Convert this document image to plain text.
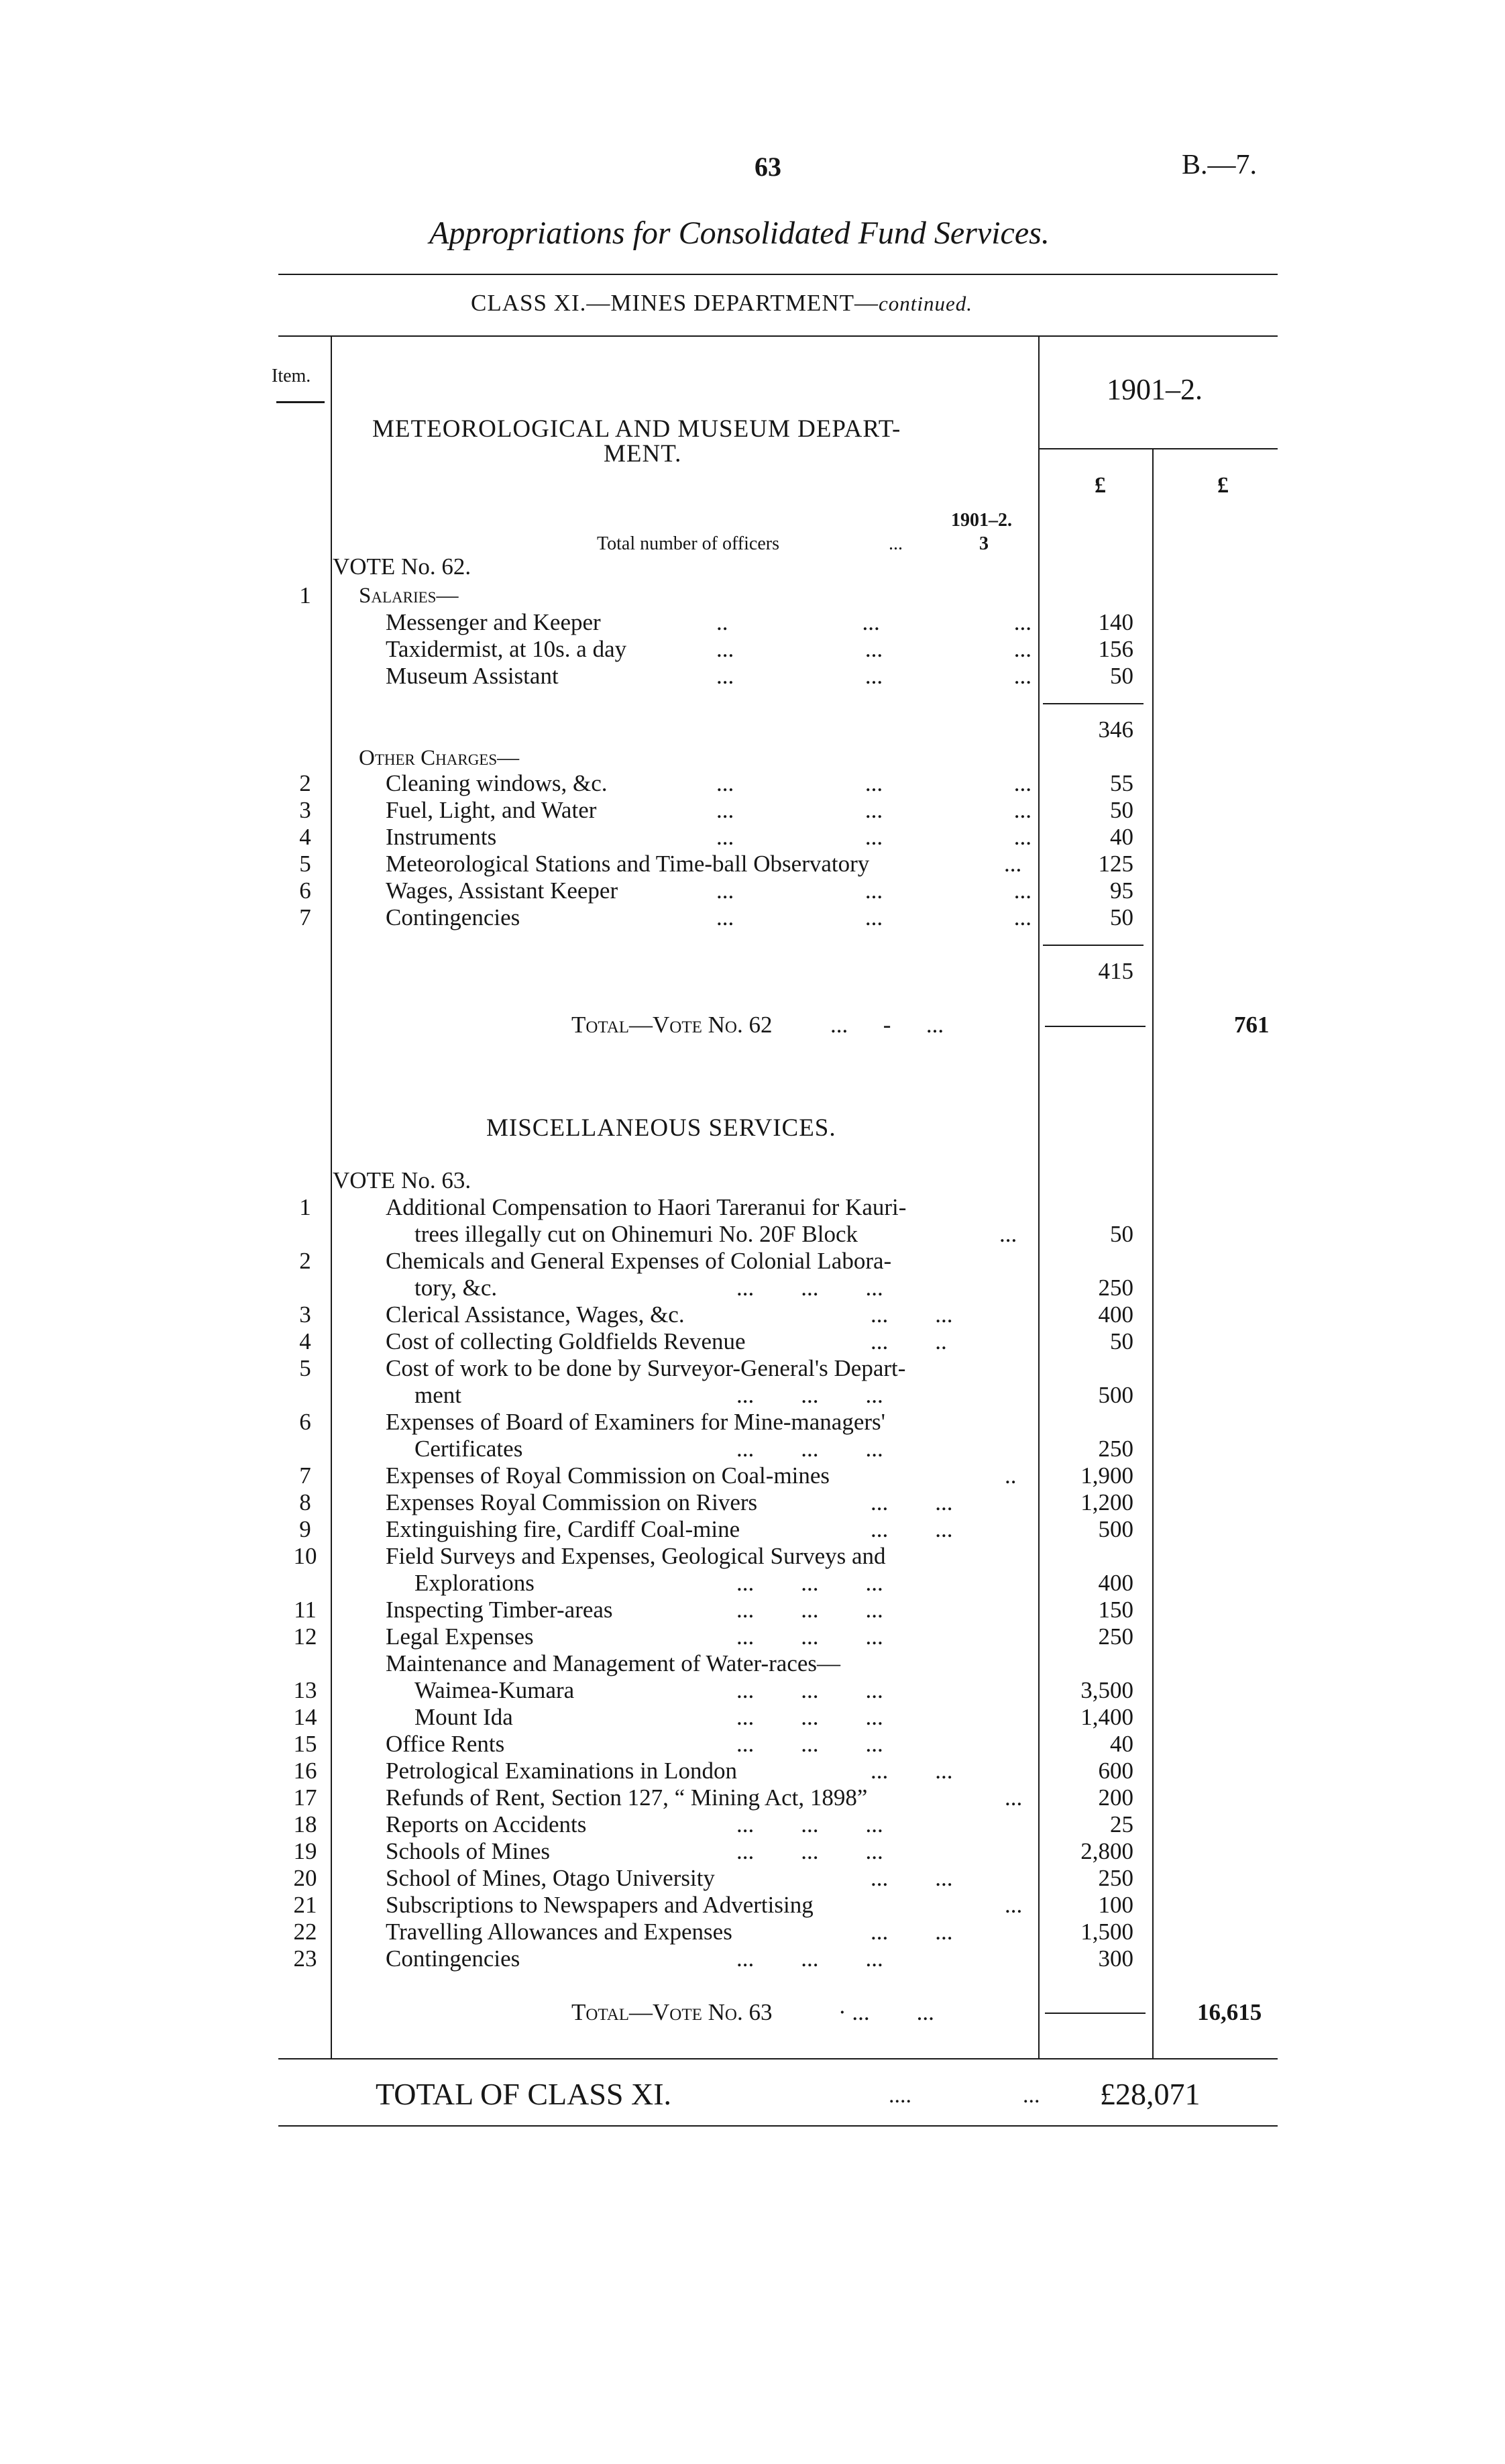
63	B.—7.
Appropriations for Consolidated Fund Services.
CLASS XI.—MINES DEPARTMENT—continued.
Item.	1901–2.
£	£
METEOROLOGICAL AND MUSEUM DEPART-
MENT.
1901–2.
Total number of officers	...	3
VOTE No. 62.
1	Salaries—
Messenger and Keeper	..	...	...	140
Taxidermist, at 10s. a day	...	...	...	156
Museum Assistant	...	...	...	50
346
Other Charges—
2	Cleaning windows, &c.	...	...	...	55
3	Fuel, Light, and Water	...	...	...	50
4	Instruments	...	...	...	40
5	Meteorological Stations and Time-ball Observatory	...	125
6	Wages, Assistant Keeper	...	...	...	95
7	Contingencies	...	...	...	50
415
Total—Vote No. 62 ...      -      ...	761
MISCELLANEOUS SERVICES.
VOTE No. 63.
1	Additional Compensation to Haori Tareranui for Kauri-
trees illegally cut on Ohinemuri No. 20F Block	...	50
2	Chemicals and General Expenses of Colonial Labora-
tory, &c.	...        ...        ...	250
3	Clerical Assistance, Wages, &c.	...        ...	400
4	Cost of collecting Goldfields Revenue	...        ..	50
5	Cost of work to be done by Surveyor-General's Depart-
ment	...        ...        ...	500
6	Expenses of Board of Examiners for Mine-managers'
Certificates	...        ...        ...	250
7	Expenses of Royal Commission on Coal-mines	..	1,900
8	Expenses Royal Commission on Rivers	...        ...	1,200
9	Extinguishing fire, Cardiff Coal-mine	...        ...	500
10	Field Surveys and Expenses, Geological Surveys and
Explorations	...        ...        ...	400
11	Inspecting Timber-areas	...        ...        ...	150
12	Legal Expenses	...        ...        ...	250
Maintenance and Management of Water-races—
13	Waimea-Kumara	...        ...        ...	3,500
14	Mount Ida	...        ...        ...	1,400
15	Office Rents	...        ...        ...	40
16	Petrological Examinations in London	...        ...	600
17	Refunds of Rent, Section 127, “ Mining Act, 1898”	...	200
18	Reports on Accidents	...        ...        ...	25
19	Schools of Mines	...        ...        ...	2,800
20	School of Mines, Otago University	...        ...	250
21	Subscriptions to Newspapers and Advertising	...	100
22	Travelling Allowances and Expenses	...        ...	1,500
23	Contingencies	...        ...        ...	300
Total—Vote No. 63	· ...        ...	16,615
TOTAL OF CLASS XI.	....	... £28,071
